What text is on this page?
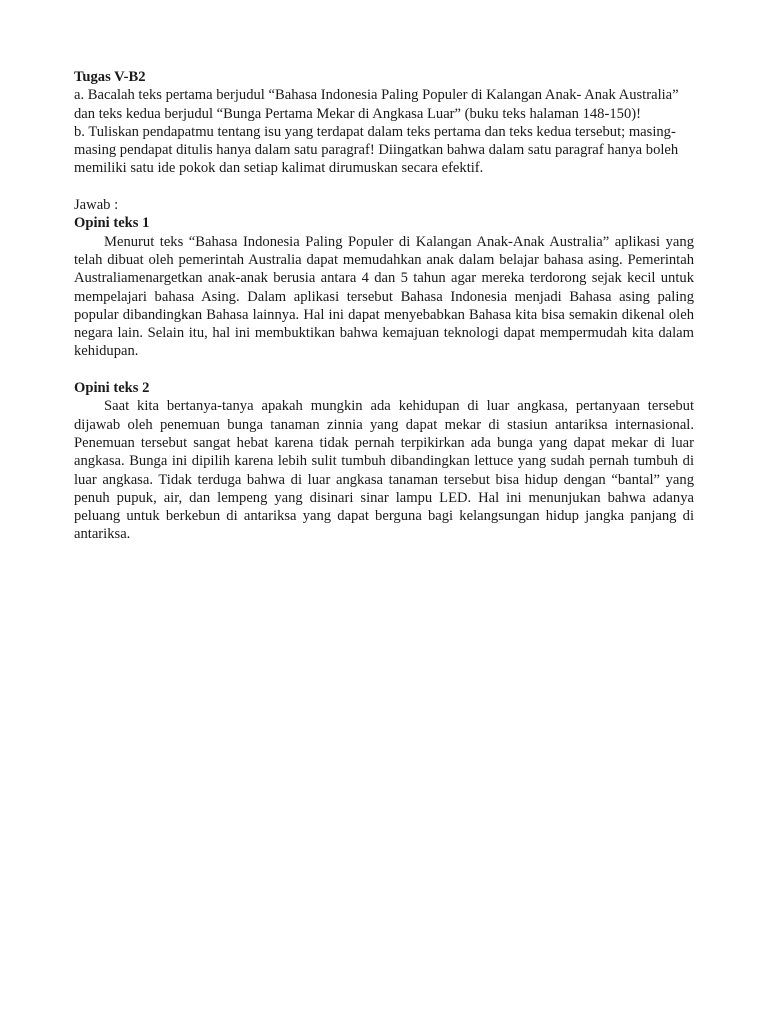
Tugas V-B2

a. Bacalah teks pertama berjudul “Bahasa Indonesia Paling Populer di Kalangan Anak- Anak Australia” dan teks kedua berjudul “Bunga Pertama Mekar di Angkasa Luar” (buku teks halaman 148-150)!

b. Tuliskan pendapatmu tentang isu yang terdapat dalam teks pertama dan teks kedua tersebut; masing-masing pendapat ditulis hanya dalam satu paragraf! Diingatkan bahwa dalam satu paragraf hanya boleh memiliki satu ide pokok dan setiap kalimat dirumuskan secara efektif.

Jawab :

Opini teks 1

Menurut teks “Bahasa Indonesia Paling Populer di Kalangan Anak-Anak Australia” aplikasi yang telah dibuat oleh pemerintah Australia dapat memudahkan anak dalam belajar bahasa asing. Pemerintah Australiamenargetkan anak-anak berusia antara 4 dan 5 tahun agar mereka terdorong sejak kecil untuk mempelajari bahasa Asing. Dalam aplikasi tersebut Bahasa Indonesia menjadi Bahasa asing paling popular dibandingkan Bahasa lainnya. Hal ini dapat menyebabkan Bahasa kita bisa semakin dikenal oleh negara lain. Selain itu, hal ini membuktikan bahwa kemajuan teknologi dapat mempermudah kita dalam kehidupan.

Opini teks 2

Saat kita bertanya-tanya apakah mungkin ada kehidupan di luar angkasa, pertanyaan tersebut dijawab oleh penemuan bunga tanaman zinnia yang dapat mekar di stasiun antariksa internasional. Penemuan tersebut sangat hebat karena tidak pernah terpikirkan ada bunga yang dapat mekar di luar angkasa. Bunga ini dipilih karena lebih sulit tumbuh dibandingkan lettuce yang sudah pernah tumbuh di luar angkasa. Tidak terduga bahwa di luar angkasa tanaman tersebut bisa hidup dengan “bantal” yang penuh pupuk, air, dan lempeng yang disinari sinar lampu LED. Hal ini menunjukan bahwa adanya peluang untuk berkebun di antariksa yang dapat berguna bagi kelangsungan hidup jangka panjang di antariksa.
